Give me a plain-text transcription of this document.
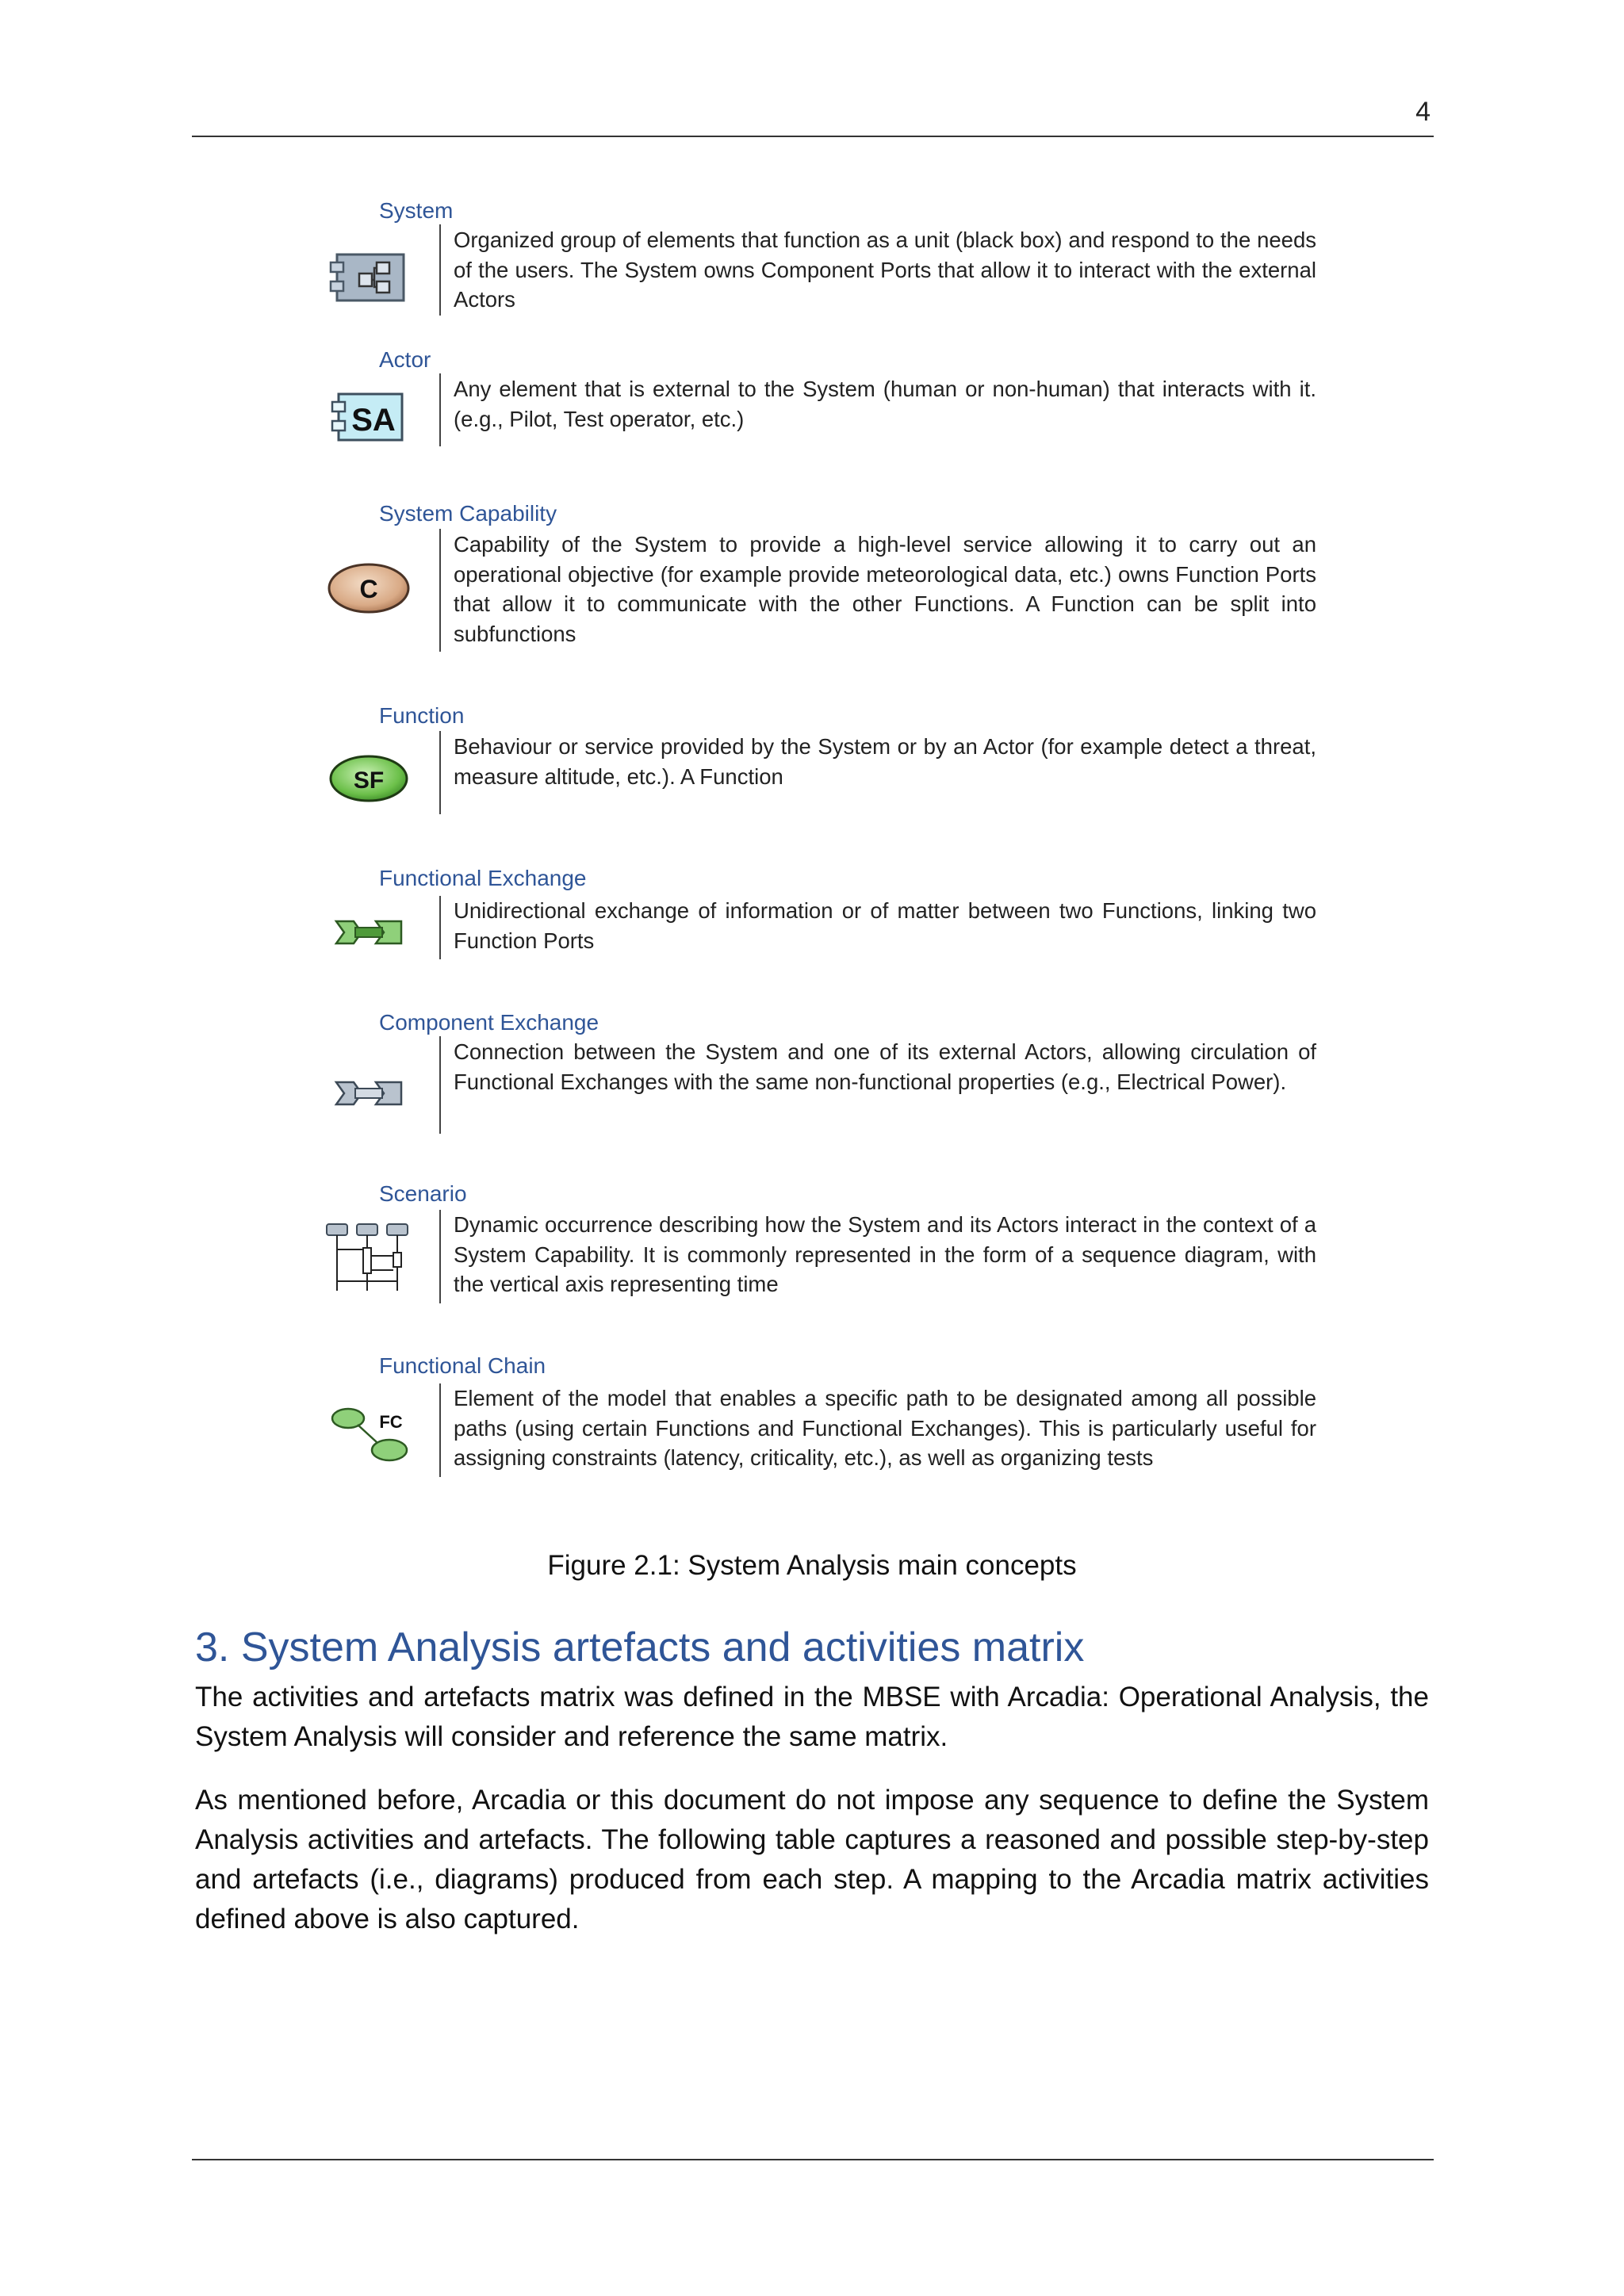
4
System
Organized group of elements that function as a unit (black box) and respond to the needs of the users. The System owns Component Ports that allow it to interact with the external Actors
Actor
SA
Any element that is external to the System (human or non-human) that interacts with it. (e.g., Pilot, Test operator, etc.)
System Capability
C
Capability of the System to provide a high-level service allowing it to carry out an operational objective (for example provide meteorological data, etc.) owns Function Ports that allow it to communicate with the other Functions. A Function can be split into subfunctions
Function
SF
Behaviour or service provided by the System or by an Actor (for example detect a threat, measure altitude, etc.). A Function
Functional Exchange
Unidirectional exchange of information or of matter between two Functions, linking two Function Ports
Component Exchange
Connection between the System and one of its external Actors, allowing circulation of Functional Exchanges with the same non-functional properties (e.g., Electrical Power).
Scenario
Dynamic occurrence describing how the System and its Actors interact in the context of a System Capability. It is commonly represented in the form of a sequence diagram, with the vertical axis representing time
Functional Chain
FC
Element of the model that enables a specific path to be designated among all possible paths (using certain Functions and Functional Exchanges). This is particularly useful for assigning constraints (latency, criticality, etc.), as well as organizing tests
Figure 2.1: System Analysis main concepts
3. System Analysis artefacts and activities matrix

The activities and artefacts matrix was defined in the MBSE with Arcadia: Operational Analysis, the System Analysis will consider and reference the same matrix.

As mentioned before, Arcadia or this document do not impose any sequence to define the System Analysis activities and artefacts. The following table captures a reasoned and possible step-by-step and artefacts (i.e., diagrams) produced from each step. A mapping to the Arcadia matrix activities defined above is also captured.
